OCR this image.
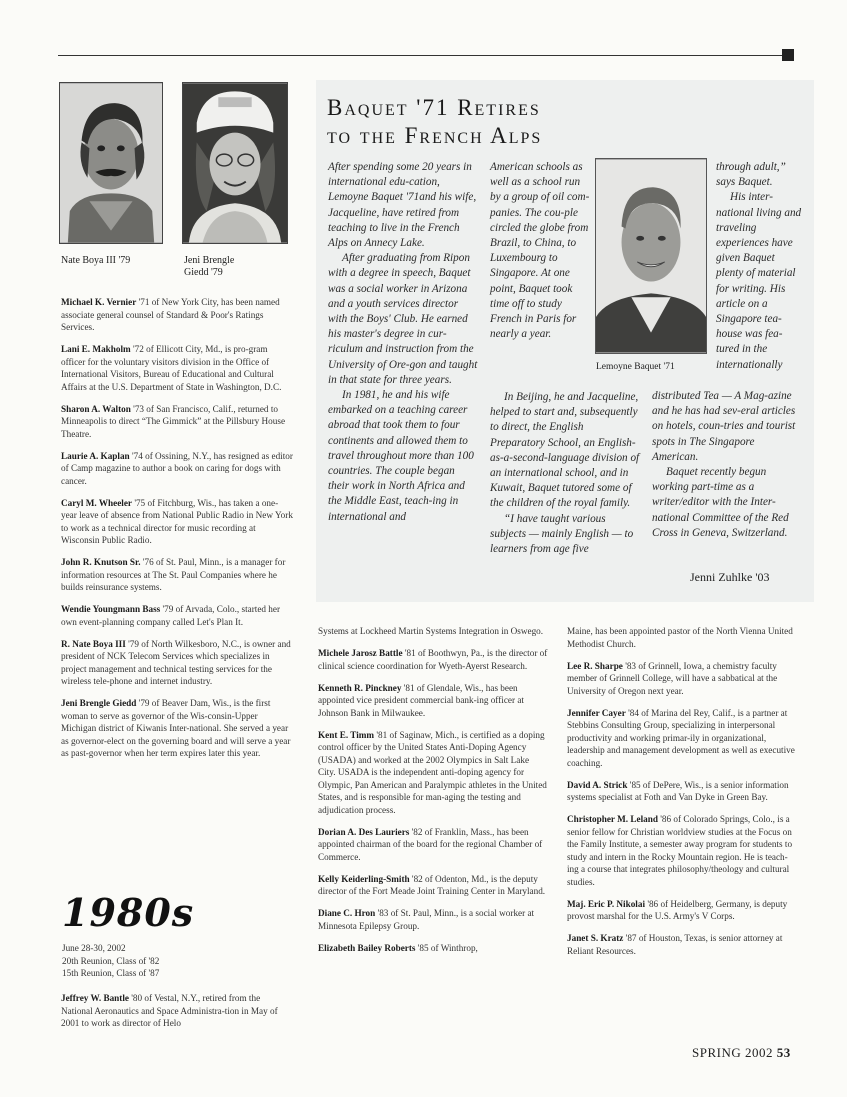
Nate Boya III '79	Jeni Brengle
Giedd '79
Michael K. Vernier '71 of New York City, has been named associate general counsel of Standard & Poor's Ratings Services.
Lani E. Makholm '72 of Ellicott City, Md., is pro-gram officer for the voluntary visitors division in the Office of International Visitors, Bureau of Educational and Cultural Affairs at the U.S. Department of State in Washington, D.C.
Sharon A. Walton '73 of San Francisco, Calif., returned to Minneapolis to direct “The Gimmick” at the Pillsbury House Theatre.
Laurie A. Kaplan '74 of Ossining, N.Y., has resigned as editor of Camp magazine to author a book on caring for dogs with cancer.
Caryl M. Wheeler '75 of Fitchburg, Wis., has taken a one-year leave of absence from National Public Radio in New York to work as a technical director for music recording at Wisconsin Public Radio.
John R. Knutson Sr. '76 of St. Paul, Minn., is a manager for information resources at The St. Paul Companies where he builds reinsurance systems.
Wendie Youngmann Bass '79 of Arvada, Colo., started her own event-planning company called Let's Plan It.
R. Nate Boya III '79 of North Wilkesboro, N.C., is owner and president of NCK Telecom Services which specializes in project management and technical testing services for the wireless tele-phone and internet industry.
Jeni Brengle Giedd '79 of Beaver Dam, Wis., is the first woman to serve as governor of the Wis-consin-Upper Michigan district of Kiwanis Inter-national. She served a year as governor-elect on the governing board and will serve a year as past-governor when her term expires later this year.
1980s
June 28-30, 2002
20th Reunion, Class of '82
15th Reunion, Class of '87
Jeffrey W. Bantle '80 of Vestal, N.Y., retired from the National Aeronautics and Space Administra-tion in May of 2001 to work as director of Helo
Baquet '71 Retires
to the French Alps

After spending some 20 years in international edu-cation, Lemoyne Baquet '71and his wife, Jacqueline, have retired from teaching to live in the French Alps on Annecy Lake.

After graduating from Ripon with a degree in speech, Baquet was a social worker in Arizona and a youth services director with the Boys' Club. He earned his master's degree in cur-riculum and instruction from the University of Ore-gon and taught in that state for three years.

In 1981, he and his wife embarked on a teaching career abroad that took them to four continents and allowed them to travel throughout more than 100 countries. The couple began their work in North Africa and the Middle East, teach-ing in international and

American schools as well as a school run by a group of oil com-panies. The cou-ple circled the globe from Brazil, to China, to Luxembourg to Singapore. At one point, Baquet took time off to study French in Paris for nearly a year.

In Beijing, he and Jacqueline, helped to start and, subsequently to direct, the English Preparatory School, an English-as-a-second-language division of an international school, and in Kuwait, Baquet tutored some of the children of the royal family.

“I have taught various subjects — mainly English — to learners from age five

Lemoyne Baquet '71

through adult,” says Baquet.

His inter-national living and traveling experiences have given Baquet plenty of material for writing. His article on a Singapore tea-house was fea-tured in the internationally

distributed Tea — A Mag-azine and he has had sev-eral articles on hotels, coun-tries and tourist spots in The Singapore American.

Baquet recently begun working part-time as a writer/editor with the Inter-national Committee of the Red Cross in Geneva, Switzerland.

Jenni Zuhlke '03
Systems at Lockheed Martin Systems Integration in Oswego.
Michele Jarosz Battle '81 of Boothwyn, Pa., is the director of clinical science coordination for Wyeth-Ayerst Research.
Kenneth R. Pinckney '81 of Glendale, Wis., has been appointed vice president commercial bank-ing officer at Johnson Bank in Milwaukee.
Kent E. Timm '81 of Saginaw, Mich., is certified as a doping control officer by the United States Anti-Doping Agency (USADA) and worked at the 2002 Olympics in Salt Lake City. USADA is the independent anti-doping agency for Olympic, Pan American and Paralympic athletes in the United States, and is responsible for man-aging the testing and adjudication process.
Dorian A. Des Lauriers '82 of Franklin, Mass., has been appointed chairman of the board for the regional Chamber of Commerce.
Kelly Keiderling-Smith '82 of Odenton, Md., is the deputy director of the Fort Meade Joint Training Center in Maryland.
Diane C. Hron '83 of St. Paul, Minn., is a social worker at Minnesota Epilepsy Group.
Elizabeth Bailey Roberts '85 of Winthrop,
Maine, has been appointed pastor of the North Vienna United Methodist Church.
Lee R. Sharpe '83 of Grinnell, Iowa, a chemistry faculty member of Grinnell College, will have a sabbatical at the University of Oregon next year.
Jennifer Cayer '84 of Marina del Rey, Calif., is a partner at Stebbins Consulting Group, specializing in interpersonal productivity and working primar-ily in organizational, leadership and management development as well as executive coaching.
David A. Strick '85 of DePere, Wis., is a senior information systems specialist at Foth and Van Dyke in Green Bay.
Christopher M. Leland '86 of Colorado Springs, Colo., is a senior fellow for Christian worldview studies at the Focus on the Family Institute, a semester away program for students to study and intern in the Rocky Mountain region. He is teach-ing a course that integrates philosophy/theology and cultural studies.
Maj. Eric P. Nikolai '86 of Heidelberg, Germany, is deputy provost marshal for the U.S. Army's V Corps.
Janet S. Kratz '87 of Houston, Texas, is senior attorney at Reliant Resources.
SPRING 2002 53
